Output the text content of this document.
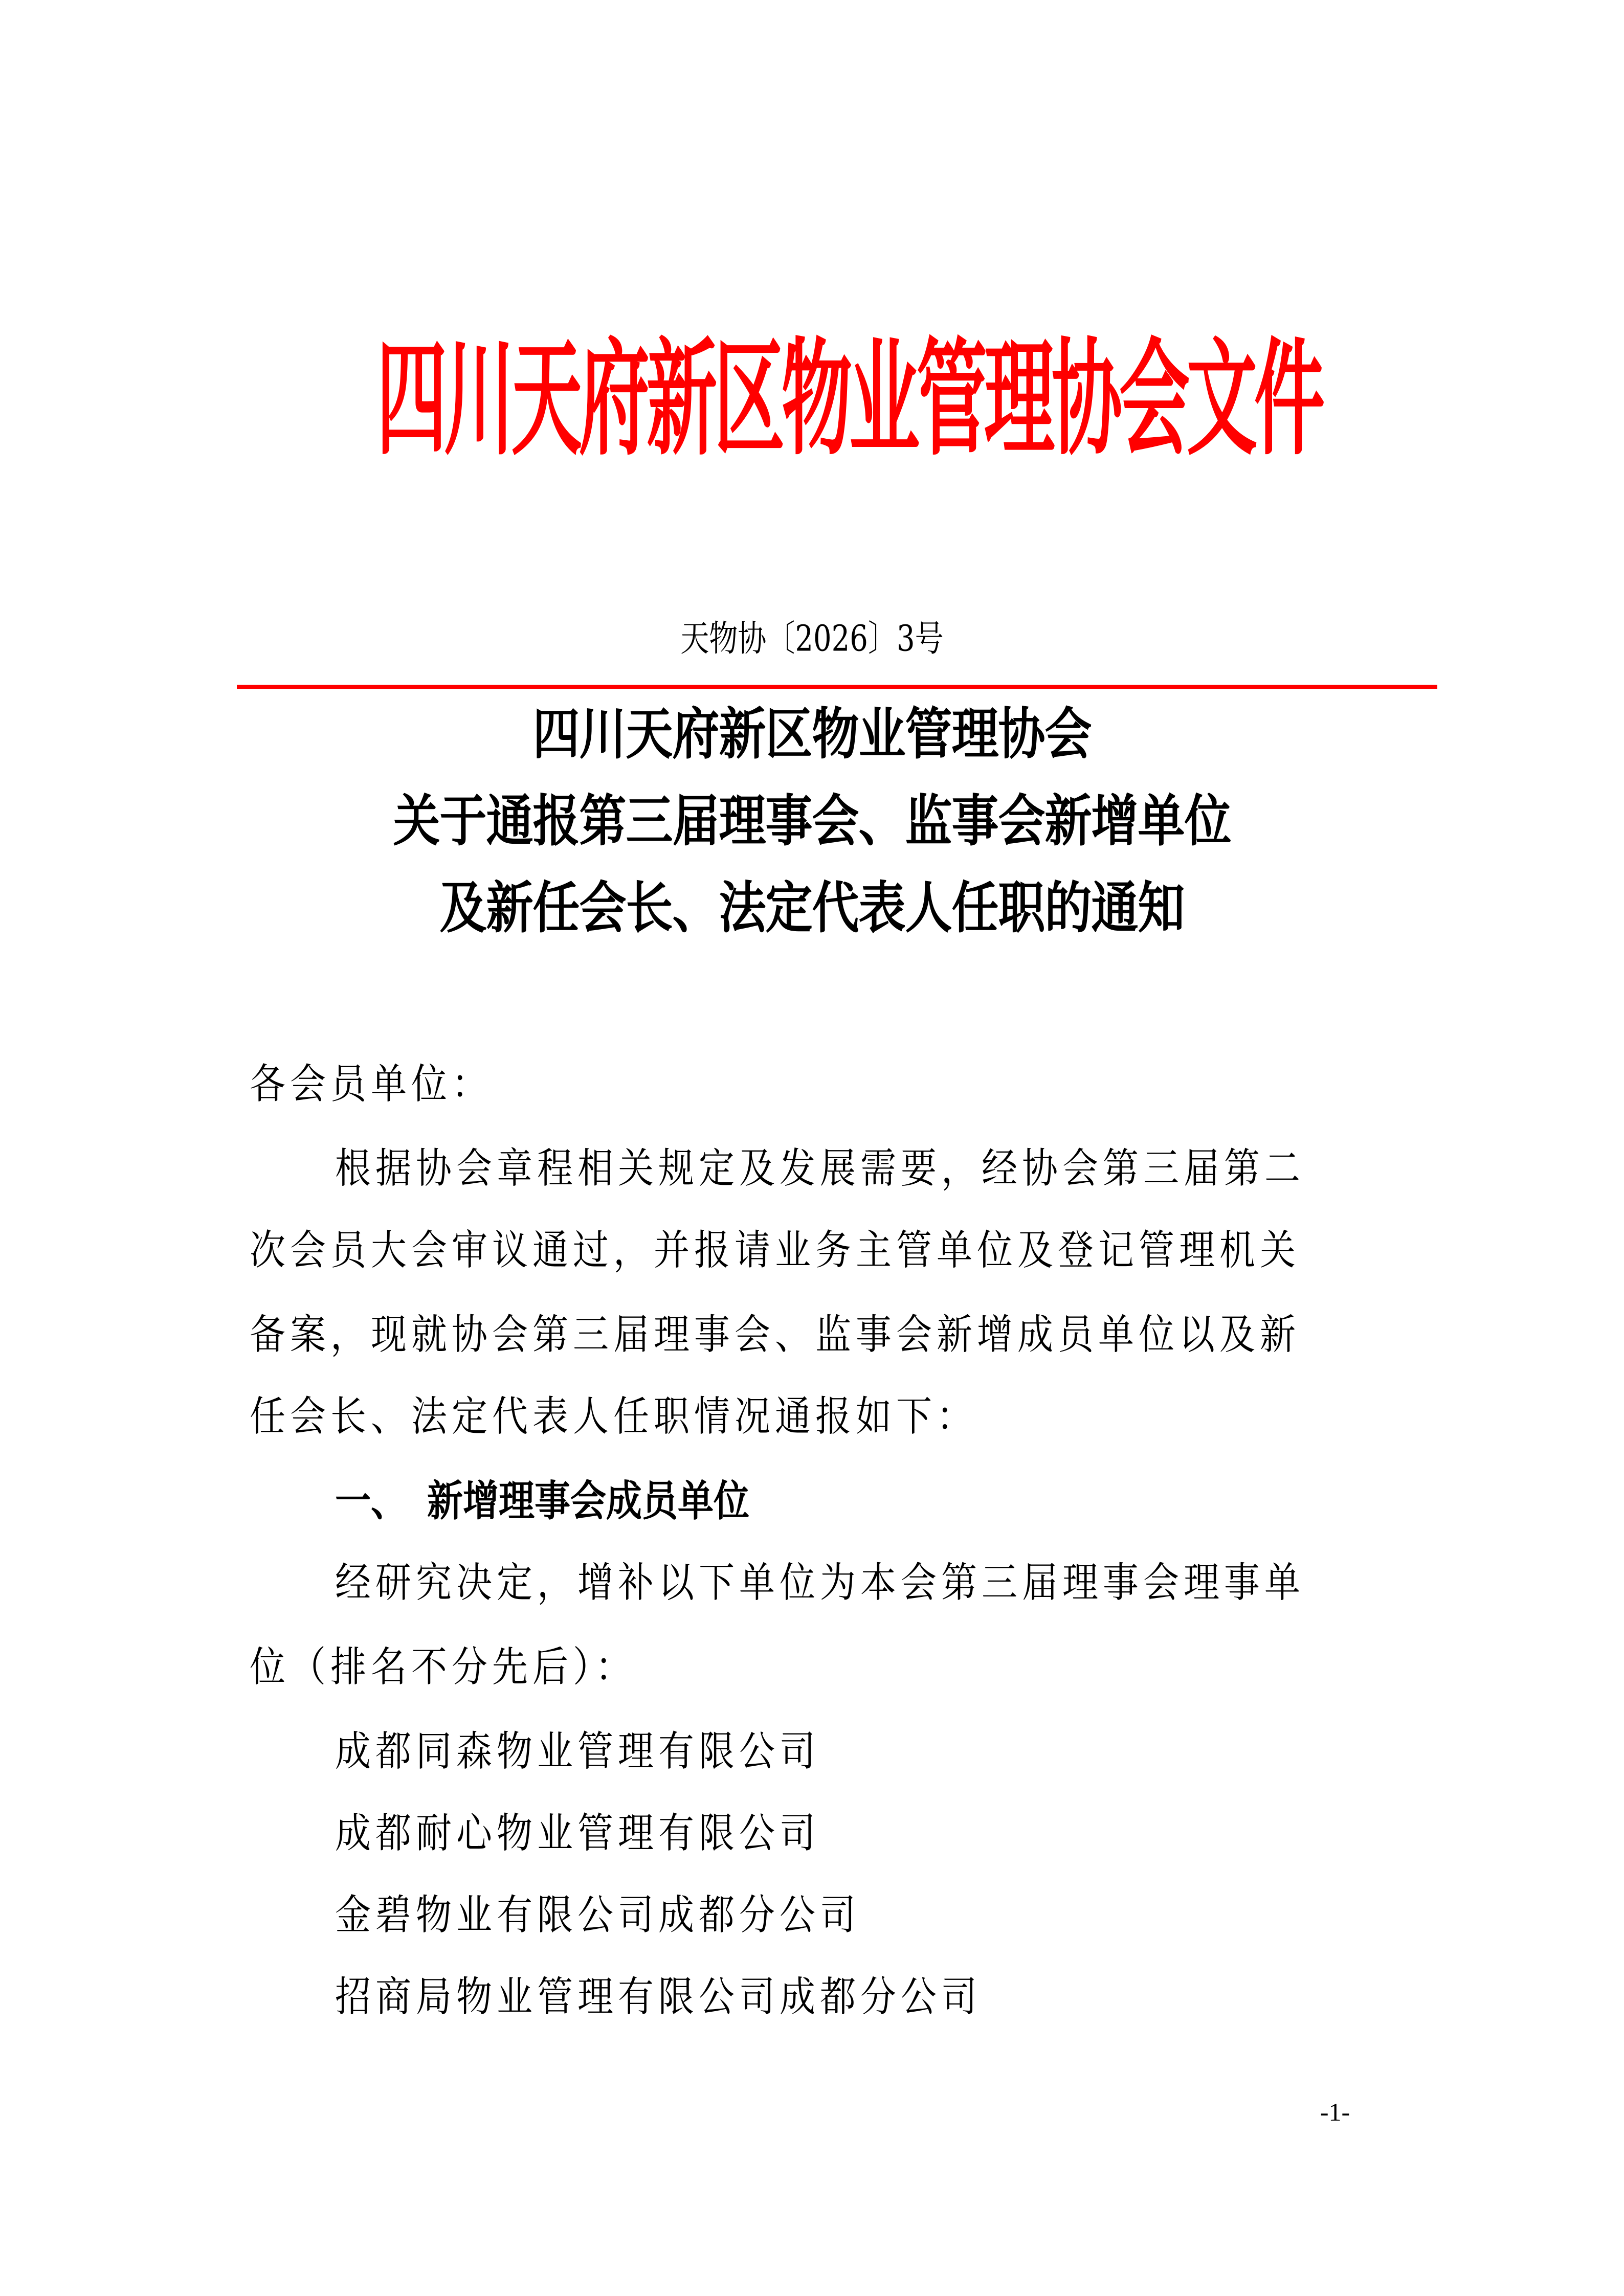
四川天府新区物业管理协会文件
天物协〔2026〕3号
四川天府新区物业管理协会
关于通报第三届理事会、监事会新增单位
及新任会长、法定代表人任职的通知
各会员单位：
根据协会章程相关规定及发展需要，经协会第三届第二
次会员大会审议通过，并报请业务主管单位及登记管理机关
备案，现就协会第三届理事会、监事会新增成员单位以及新
任会长、法定代表人任职情况通报如下：
一、 新增理事会成员单位
经研究决定，增补以下单位为本会第三届理事会理事单
位（排名不分先后）：
成都同森物业管理有限公司
成都耐心物业管理有限公司
金碧物业有限公司成都分公司
招商局物业管理有限公司成都分公司
-1-
